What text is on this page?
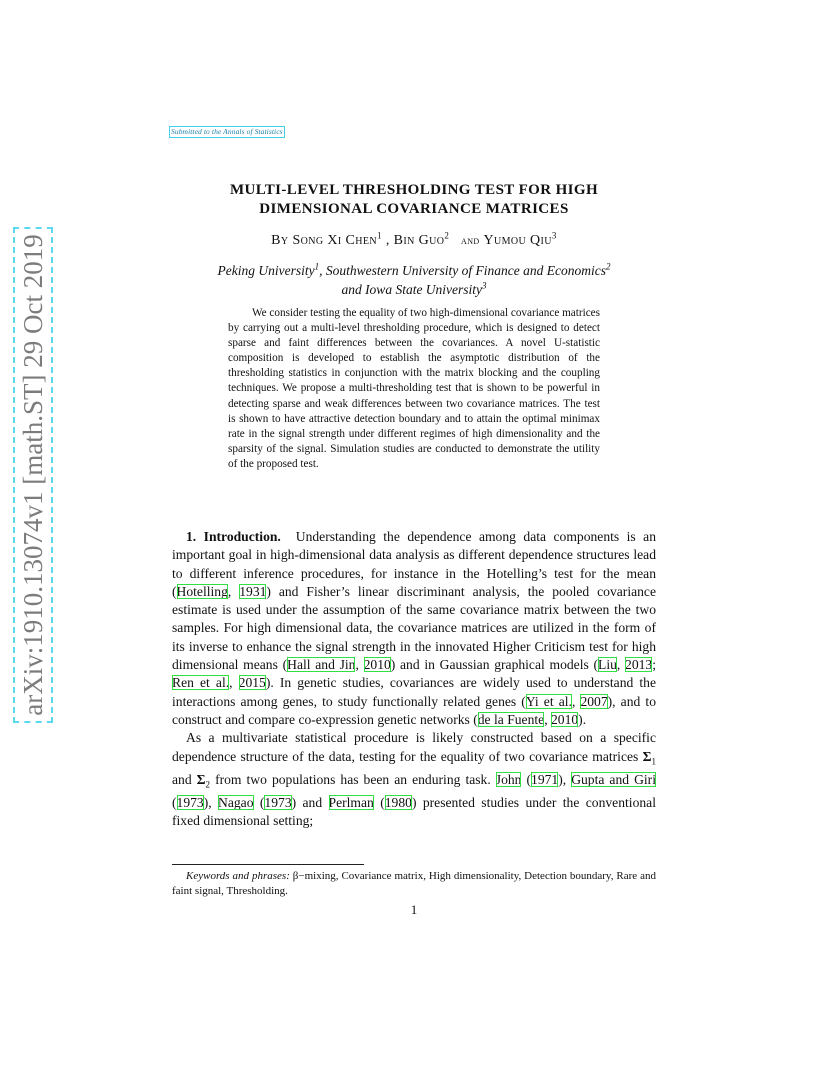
Submitted to the Annals of Statistics
arXiv:1910.13074v1 [math.ST] 29 Oct 2019
MULTI-LEVEL THRESHOLDING TEST FOR HIGH
DIMENSIONAL COVARIANCE MATRICES
By Song Xi Chen$^1$ , Bin Guo$^2$ and Yumou Qiu$^3$
Peking University$^1$, Southwestern University of Finance and Economics$^2$
and Iowa State University$^3$
We consider testing the equality of two high-dimensional covariance matrices by carrying out a multi-level thresholding procedure, which is designed to detect sparse and faint differences between the covariances. A novel U-statistic composition is developed to establish the asymptotic distribution of the thresholding statistics in conjunction with the matrix blocking and the coupling techniques. We propose a multi-thresholding test that is shown to be powerful in detecting sparse and weak differences between two covariance matrices. The test is shown to have attractive detection boundary and to attain the optimal minimax rate in the signal strength under different regimes of high dimensionality and the sparsity of the signal. Simulation studies are conducted to demonstrate the utility of the proposed test.

1. Introduction. Understanding the dependence among data components is an important goal in high-dimensional data analysis as different dependence structures lead to different inference procedures, for instance in the Hotelling’s test for the mean (Hotelling, 1931) and Fisher’s linear discriminant analysis, the pooled covariance estimate is used under the assumption of the same covariance matrix between the two samples. For high dimensional data, the covariance matrices are utilized in the form of its inverse to enhance the signal strength in the innovated Higher Criticism test for high dimensional means (Hall and Jin, 2010) and in Gaussian graphical models (Liu, 2013; Ren et al., 2015). In genetic studies, covariances are widely used to understand the interactions among genes, to study functionally related genes (Yi et al., 2007), and to construct and compare co-expression genetic networks (de la Fuente, 2010).

As a multivariate statistical procedure is likely constructed based on a specific dependence structure of the data, testing for the equality of two covariance matrices $\Sigma_1$ and $\Sigma_2$ from two populations has been an enduring task. John (1971), Gupta and Giri (1973), Nagao (1973) and Perlman (1980) presented studies under the conventional fixed dimensional setting;

Keywords and phrases: β−mixing, Covariance matrix, High dimensionality, Detection boundary, Rare and faint signal, Thresholding.
1
